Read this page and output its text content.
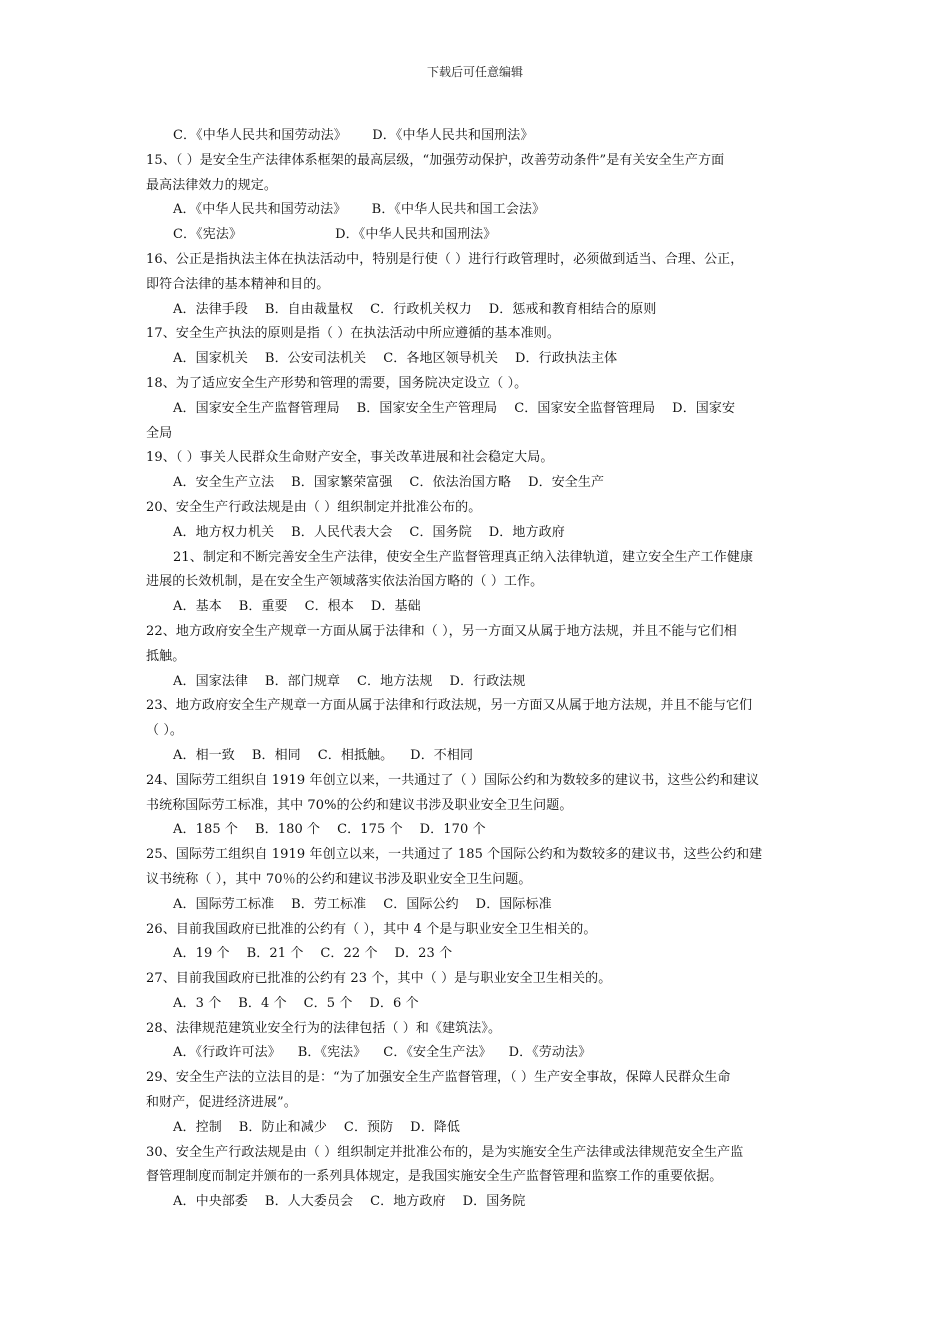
下载后可任意编辑
C．《中华人民共和国劳动法》      D．《中华人民共和国刑法》
15、（ ）是安全生产法律体系框架的最高层级，“加强劳动保护，改善劳动条件”是有关安全生产方面
最高法律效力的规定。
A．《中华人民共和国劳动法》      B．《中华人民共和国工会法》
C．《宪法》                      D．《中华人民共和国刑法》
16、公正是指执法主体在执法活动中，特别是行使（ ）进行行政管理时，必须做到适当、合理、公正，
即符合法律的基本精神和目的。
A．法律手段    B．自由裁量权    C．行政机关权力    D．惩戒和教育相结合的原则
17、安全生产执法的原则是指（ ）在执法活动中所应遵循的基本准则。
A．国家机关    B．公安司法机关    C．各地区领导机关    D．行政执法主体
18、为了适应安全生产形势和管理的需要，国务院决定设立（ ）。
A．国家安全生产监督管理局    B．国家安全生产管理局    C．国家安全监督管理局    D．国家安
全局
19、（ ）事关人民群众生命财产安全，事关改革进展和社会稳定大局。
A．安全生产立法    B．国家繁荣富强    C．依法治国方略    D．安全生产
20、安全生产行政法规是由（ ）组织制定并批准公布的。
A．地方权力机关    B．人民代表大会    C．国务院    D．地方政府
21、制定和不断完善安全生产法律，使安全生产监督管理真正纳入法律轨道，建立安全生产工作健康
进展的长效机制，是在安全生产领域落实依法治国方略的（ ）工作。
A．基本    B．重要    C．根本    D．基础
22、地方政府安全生产规章一方面从属于法律和（ ），另一方面又从属于地方法规，并且不能与它们相
抵触。
A．国家法律    B．部门规章    C．地方法规    D．行政法规
23、地方政府安全生产规章一方面从属于法律和行政法规，另一方面又从属于地方法规，并且不能与它们
（ ）。
A．相一致    B．相同    C．相抵触。    D．不相同
24、国际劳工组织自 1919 年创立以来，一共通过了（ ）国际公约和为数较多的建议书，这些公约和建议
书统称国际劳工标准，其中 70%的公约和建议书涉及职业安全卫生问题。
A．185 个    B．180 个    C．175 个    D．170 个
25、国际劳工组织自 1919 年创立以来，一共通过了 185 个国际公约和为数较多的建议书，这些公约和建
议书统称（ ），其中 70％的公约和建议书涉及职业安全卫生问题。
A．国际劳工标准    B．劳工标准    C．国际公约    D．国际标准
26、目前我国政府已批准的公约有（ ），其中 4 个是与职业安全卫生相关的。
A．19 个    B．21 个    C．22 个    D．23 个
27、目前我国政府已批准的公约有 23 个，其中（ ）是与职业安全卫生相关的。
A．3 个    B．4 个    C．5 个    D．6 个
28、法律规范建筑业安全行为的法律包括（ ）和《建筑法》。
A．《行政许可法》    B．《宪法》    C．《安全生产法》    D．《劳动法》
29、安全生产法的立法目的是：“为了加强安全生产监督管理，（ ）生产安全事故，保障人民群众生命
和财产，促进经济进展”。
A．控制    B．防止和减少    C．预防    D．降低
30、安全生产行政法规是由（ ）组织制定并批准公布的，是为实施安全生产法律或法律规范安全生产监
督管理制度而制定并颁布的一系列具体规定，是我国实施安全生产监督管理和监察工作的重要依据。
A．中央部委    B．人大委员会    C．地方政府    D．国务院
